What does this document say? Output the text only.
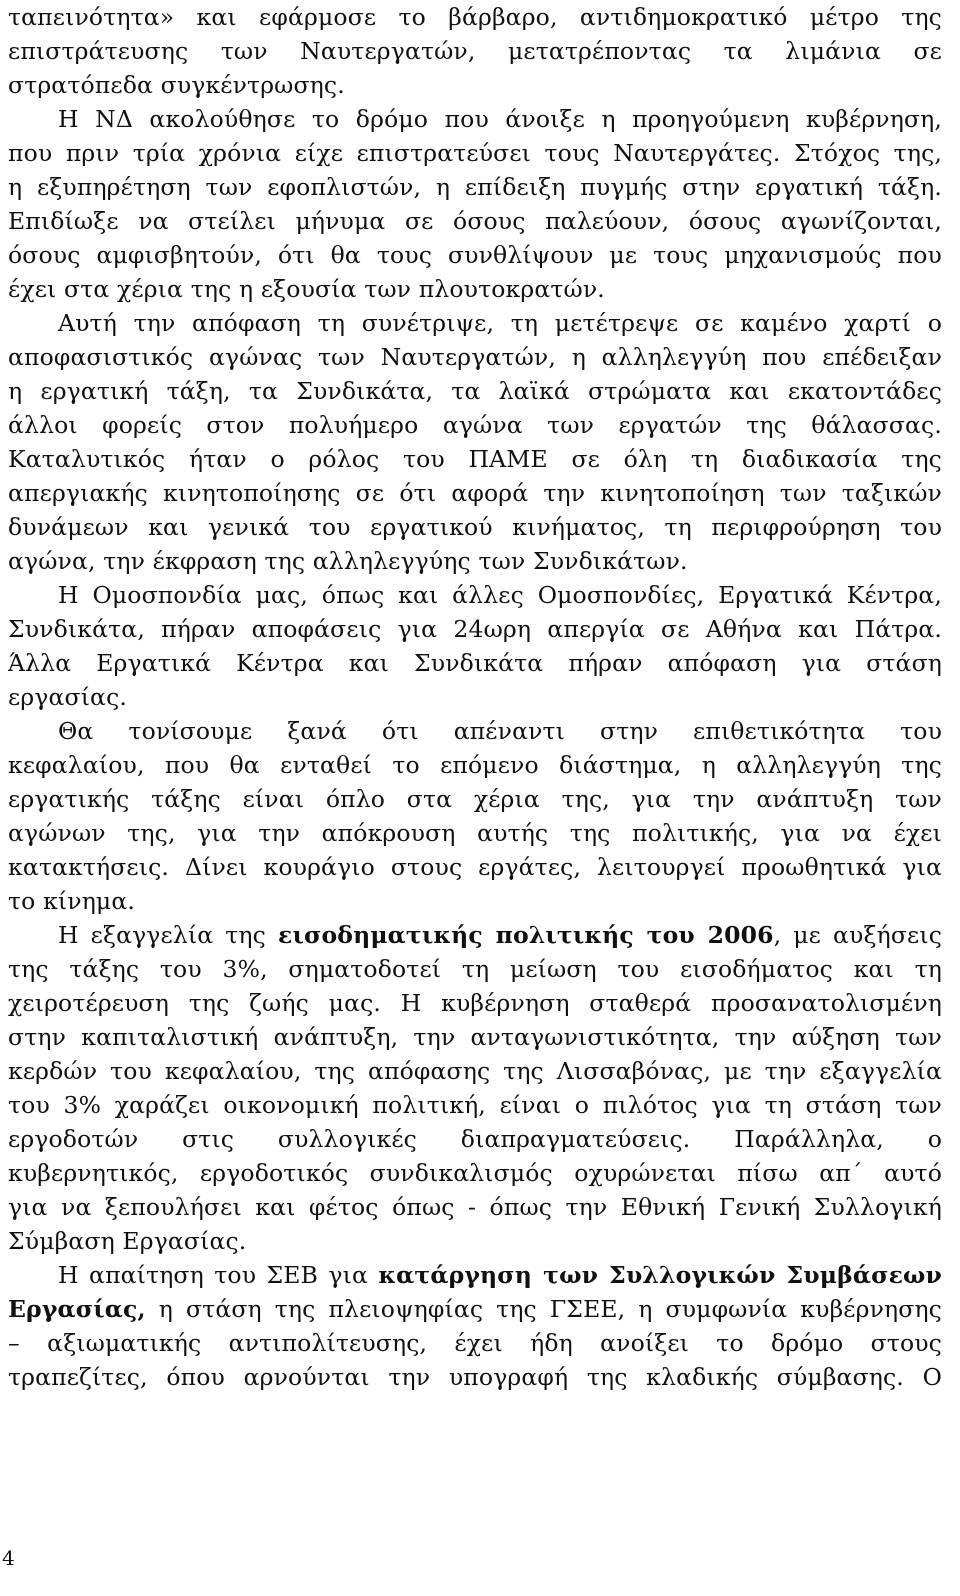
ταπεινότητα» και εφάρμοσε το βάρβαρο, αντιδημοκρατικό μέτρο της
επιστράτευσης των Ναυτεργατών, μετατρέποντας τα λιμάνια σε
στρατόπεδα συγκέντρωσης.
Η ΝΔ ακολούθησε το δρόμο που άνοιξε η προηγούμενη κυβέρνηση,
που πριν τρία χρόνια είχε επιστρατεύσει τους Ναυτεργάτες. Στόχος της,
η εξυπηρέτηση των εφοπλιστών, η επίδειξη πυγμής στην εργατική τάξη.
Επιδίωξε να στείλει μήνυμα σε όσους παλεύουν, όσους αγωνίζονται,
όσους αμφισβητούν, ότι θα τους συνθλίψουν με τους μηχανισμούς που
έχει στα χέρια της η εξουσία των πλουτοκρατών.
Αυτή την απόφαση τη συνέτριψε, τη μετέτρεψε σε καμένο χαρτί ο
αποφασιστικός αγώνας των Ναυτεργατών, η αλληλεγγύη που επέδειξαν
η εργατική τάξη, τα Συνδικάτα, τα λαϊκά στρώματα και εκατοντάδες
άλλοι φορείς στον πολυήμερο αγώνα των εργατών της θάλασσας.
Καταλυτικός ήταν ο ρόλος του ΠΑΜΕ σε όλη τη διαδικασία της
απεργιακής κινητοποίησης σε ότι αφορά την κινητοποίηση των ταξικών
δυνάμεων και γενικά του εργατικού κινήματος, τη περιφρούρηση του
αγώνα, την έκφραση της αλληλεγγύης των Συνδικάτων.
Η Ομοσπονδία μας, όπως και άλλες Ομοσπονδίες, Εργατικά Κέντρα,
Συνδικάτα, πήραν αποφάσεις για 24ωρη απεργία σε Αθήνα και Πάτρα.
Άλλα Εργατικά Κέντρα και Συνδικάτα πήραν απόφαση για στάση
εργασίας.
Θα τονίσουμε ξανά ότι απέναντι στην επιθετικότητα του
κεφαλαίου, που θα ενταθεί το επόμενο διάστημα, η αλληλεγγύη της
εργατικής τάξης είναι όπλο στα χέρια της, για την ανάπτυξη των
αγώνων της, για την απόκρουση αυτής της πολιτικής, για να έχει
κατακτήσεις. Δίνει κουράγιο στους εργάτες, λειτουργεί προωθητικά για
το κίνημα.
Η εξαγγελία της εισοδηματικής πολιτικής του 2006, με αυξήσεις
της τάξης του 3%, σηματοδοτεί τη μείωση του εισοδήματος και τη
χειροτέρευση της ζωής μας. Η κυβέρνηση σταθερά προσανατολισμένη
στην καπιταλιστική ανάπτυξη, την ανταγωνιστικότητα, την αύξηση των
κερδών του κεφαλαίου, της απόφασης της Λισσαβόνας, με την εξαγγελία
του 3% χαράζει οικονομική πολιτική, είναι ο πιλότος για τη στάση των
εργοδοτών στις συλλογικές διαπραγματεύσεις. Παράλληλα, ο
κυβερνητικός, εργοδοτικός συνδικαλισμός οχυρώνεται πίσω απ΄ αυτό
για να ξεπουλήσει και φέτος όπως - όπως την Εθνική Γενική Συλλογική
Σύμβαση Εργασίας.
Η απαίτηση του ΣΕΒ για κατάργηση των Συλλογικών Συμβάσεων
Εργασίας, η στάση της πλειοψηφίας της ΓΣΕΕ, η συμφωνία κυβέρνησης
– αξιωματικής αντιπολίτευσης, έχει ήδη ανοίξει το δρόμο στους
τραπεζίτες, όπου αρνούνται την υπογραφή της κλαδικής σύμβασης. Ο
4
